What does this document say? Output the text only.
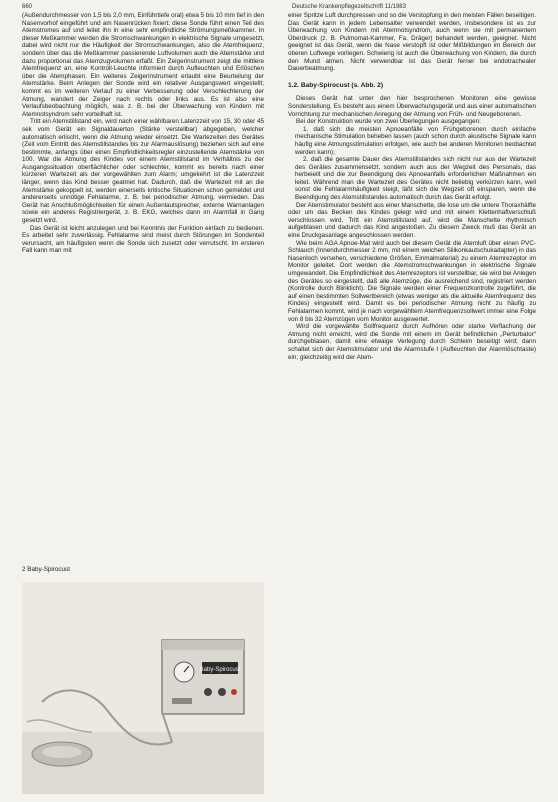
660	Deutsche Krankenpflegezeitschrift 11/1983

(Außendurchmesser von 1,5 bis 2,0 mm, Einführtiefe oral) etwa 5 bis 10 mm tief in den Nasenvorhof eingeführt und am Nasenrücken fixiert; diese Sonde führt einen Teil des Atemstromes auf und leitet ihn in eine sehr empfindliche Strömungsmeßkammer. In dieser Meßkammer werden die Stromschwankungen in elektrische Signale umgesetzt, dabei wird nicht nur die Häufigkeit der Stromschwankungen, also die Atemfrequenz, sondern über das die Meßkammer passierende Luftvolumen auch die Atemstärke und dazu proportional das Atemzugvolumen erfaßt. Ein Zeigerinstrument zeigt die mittlere Atemfrequenz an, eine Kontroll-Leuchte informiert durch Aufleuchten und Erlöschen über die Atemphasen. Ein weiteres Zeigerinstrument erlaubt eine Beurteilung der Atemstärke. Beim Anlegen der Sonde wird ein relativer Ausgangswert eingestellt; kommt es im weiteren Verlauf zu einer Verbesserung oder Verschlechterung der Atmung, wandert der Zeiger nach rechts oder links aus. Es ist also eine Verlaufsbeobachtung möglich, was z. B. bei der Überwachung von Kindern mit Atemnotsyndrom sehr vorteilhaft ist.

Tritt ein Atemstillstand ein, wird nach einer wählbaren Latenzzeit von 15, 30 oder 45 sek vom Gerät ein Signaldauerton (Stärke verstellbar) abgegeben, welcher automatisch erlischt, wenn die Atmung wieder einsetzt. Die Wartezeiten des Gerätes (Zeit vom Eintritt des Atemstillstandes bis zur Alarmauslösung) beziehen sich auf eine bestimmte, anfangs über einen Empfindlichkeitsregler einzustellende Atemstärke von 100. War die Atmung des Kindes vor einem Atemstillstand im Verhältnis zu der Ausgangssituation oberflächlicher oder schlechter, kommt es bereits nach einer kürzeren Wartezeit als der vorgewählten zum Alarm; umgekehrt ist die Latenzzeit länger, wenn das Kind besser geatmet hat. Dadurch, daß die Wartezeit mit an die Atemstärke gekoppelt ist, werden einerseits kritische Situationen schon gemeldet und andererseits unnötige Fehlalarme, z. B. bei periodischer Atmung, vermieden. Das Gerät hat Anschlußmöglichkeiten für einen Außenlautsprecher, externe Warnanlagen sowie ein anderes Registriergerät, z. B. EKG, welches dann im Alarmfall in Gang gesetzt wird.

Das Gerät ist leicht anzulegen und bei Kenntnis der Funktion einfach zu bedienen. Es arbeitet sehr zuverlässig. Fehlalarme sind meist durch Störungen im Sondenteil verursacht, am häufigsten wenn die Sonde sich zusetzt oder verrutscht. Im ersteren Fall kann man mit

2 Baby-Spirocust
Baby-Spirocust

einer Spritze Luft durchpressen und so die Verstopfung in den meisten Fällen beseitigen. Das Gerät kann in jedem Lebensalter verwendet werden, insbesondere ist es zur Überwachung von Kindern mit Atemnotsyndrom, auch wenn sie mit permanentem Überdruck (z. B. Pulmomat-Kammer, Fa. Dräger) behandelt werden, geeignet. Nicht geeignet ist das Gerät, wenn die Nase verstopft ist oder Mißbildungen im Bereich der oberen Luftwege vorliegen. Schwierig ist auch die Überwachung von Kindern, die durch den Mund atmen. Nicht verwendbar ist das Gerät ferner bei endotrachealer Dauerbeatmung.

1.2. Baby-Spirocust (s. Abb. 2)

Dieses Gerät hat unter den hier besprochenen Monitoren eine gewisse Sonderstellung. Es besteht aus einem Überwachungsgerät und aus einer automatischen Vorrichtung zur mechanischen Anregung der Atmung von Früh- und Neugeborenen.

Bei der Konstruktion wurde von zwei Überlegungen ausgegangen:

1. daß sich die meisten Apnoeanfälle von Frühgeborenen durch einfache mechanische Stimulation beheben lassen (auch schon durch akustische Signale kann häufig eine Atmungsstimulation erfolgen, wie auch bei anderen Monitoren beobachtet werden kann);

2. daß die gesamte Dauer des Atemstillstandes sich nicht nur aus der Wartezeit des Gerätes zusammensetzt, sondern auch aus der Wegzeit des Personals, das herbeieilt und die zur Beendigung des Apnoeanfalls erforderlichen Maßnahmen ein leitet. Während man die Wartezeit des Gerätes nicht beliebig verkürzen kann, weil sonst die Fehlalarmhäufigkeit steigt, läßt sich die Wegzeit oft einsparen, wenn die Beendigung des Atemstillstandes automatisch durch das Gerät erfolgt.

Der Atemstimulator besteht aus einer Manschette, die lose um die untere Thoraxhälfte oder um das Becken des Kindes gelegt wird und mit einem Klettenhaftverschluß verschlossen wird. Tritt ein Atemstillstand auf, wird die Manschette rhythmisch aufgeblasen und dadurch das Kind angestoßen. Zu diesem Zweck muß das Gerät an eine Druckgasanlage angeschlossen werden.

Wie beim AGA Apnoe-Mat wird auch bei diesem Gerät die Atemluft über einen PVC-Schlauch (Innendurchmesser 2 mm, mit einem weichen Silikonkautschukadapter) in das Nasenloch versehen, verschiedene Größen, Einmalmaterial) zu einem Atemrezeptor im Monitor geleitet. Dort werden die Atemstromschwankungen in elektrische Signale umgewandelt. Die Empfindlichkeit des Atemrezeptors ist verstellbar, sie wird bei Anlegen des Gerätes so eingestellt, daß alle Atemzüge, die ausreichend sind, registriert werden (Kontrolle durch Blinklicht). Die Signale werden einer Frequenzkontrolle zugeführt, die auf einen bestimmten Sollwertbereich (etwas weniger als die aktuelle Atemfrequenz des Kindes) eingestellt wird. Damit es bei periodischer Atmung nicht zu häufig zu Fehlalarmen kommt, wird je nach vorgewähltem Atemfrequenzsollwert immer eine Folge von 8 bis 32 Atemzügen vom Monitor ausgewertet.

Wird die vorgewählte Sollfrequenz durch Aufhören oder starke Verflachung der Atmung nicht erreicht, wird die Sonde mit einem im Gerät befindlichen „Perturbator“ durchgeblasen, damit eine etwaige Verlegung durch Schleim beseitigt wird; dann schaltet sich der Atemstimulator und die Alarmstufe I (Aufleuchten der Alarmlöschtaste) ein; gleichzeitig wird der Atem-
